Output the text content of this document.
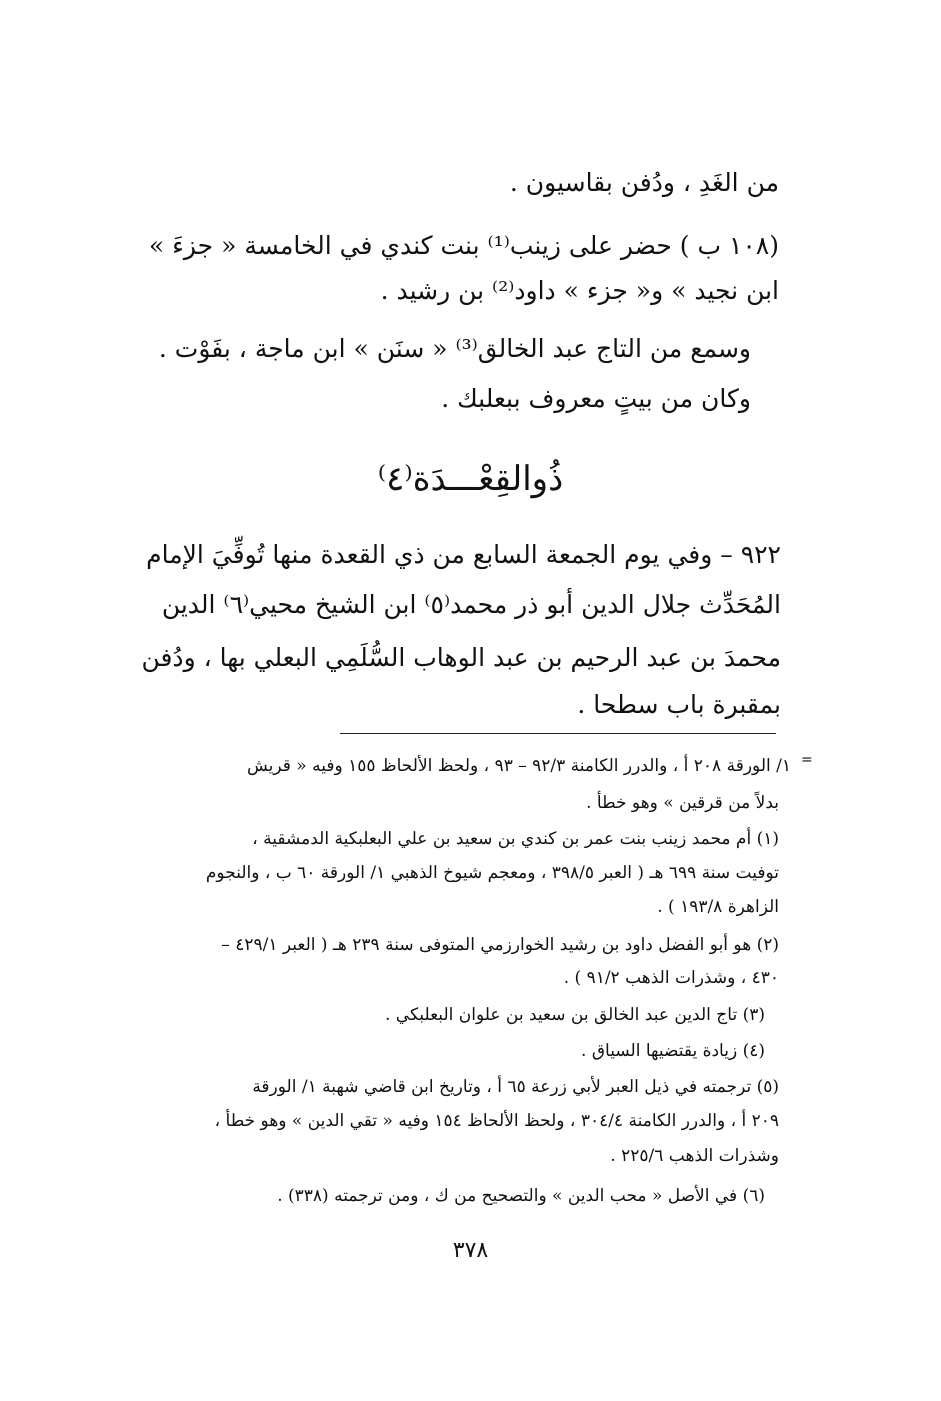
من الغَدِ ، ودُفن بقاسيون .
(١٠٨ ب ) حضر على زينب⁽¹⁾ بنت كندي في الخامسة « جزءَ »
ابن نجيد » و« جزء » داود⁽²⁾ بن رشيد .
وسمع من التاج عبد الخالق⁽³⁾ « سنَن » ابن ماجة ، بفَوْت .
وكان من بيتٍ معروف ببعلبك .
ذُوالقِعْـــدَة⁽٤⁾
٩٢٢ – وفي يوم الجمعة السابع من ذي القعدة منها تُوفِّيَ الإمام
المُحَدِّث جلال الدين أبو ذر محمد⁽٥⁾ ابن الشيخ محيي⁽٦⁾ الدين
محمدَ بن عبد الرحيم بن عبد الوهاب السُّلَمِي البعلي بها ، ودُفن
بمقبرة باب سطحا .
=
١/ الورقة ٢٠٨ أ ، والدرر الكامنة ٩٢/٣ – ٩٣ ، ولحظ الألحاظ ١٥٥ وفيه « قريش
بدلاً من قرقين » وهو خطأ .
(١) أم محمد زينب بنت عمر بن كندي بن سعيد بن علي البعلبكية الدمشقية ،
توفيت سنة ٦٩٩ هـ ( العبر ٣٩٨/٥ ، ومعجم شيوخ الذهبي ١/ الورقة ٦٠ ب ، والنجوم
الزاهرة ١٩٣/٨ ) .
(٢) هو أبو الفضل داود بن رشيد الخوارزمي المتوفى سنة ٢٣٩ هـ ( العبر ٤٢٩/١ –
٤٣٠ ، وشذرات الذهب ٩١/٢ ) .
(٣) تاج الدين عبد الخالق بن سعيد بن علوان البعلبكي .
(٤) زيادة يقتضيها السياق .
(٥) ترجمته في ذيل العبر لأبي زرعة ٦٥ أ ، وتاريخ ابن قاضي شهبة ١/ الورقة
٢٠٩ أ ، والدرر الكامنة ٣٠٤/٤ ، ولحظ الألحاظ ١٥٤ وفيه « تقي الدين » وهو خطأ ،
وشذرات الذهب ٢٢٥/٦ .
(٦) في الأصل « محب الدين » والتصحيح من ك ، ومن ترجمته (٣٣٨) .
٣٧٨
